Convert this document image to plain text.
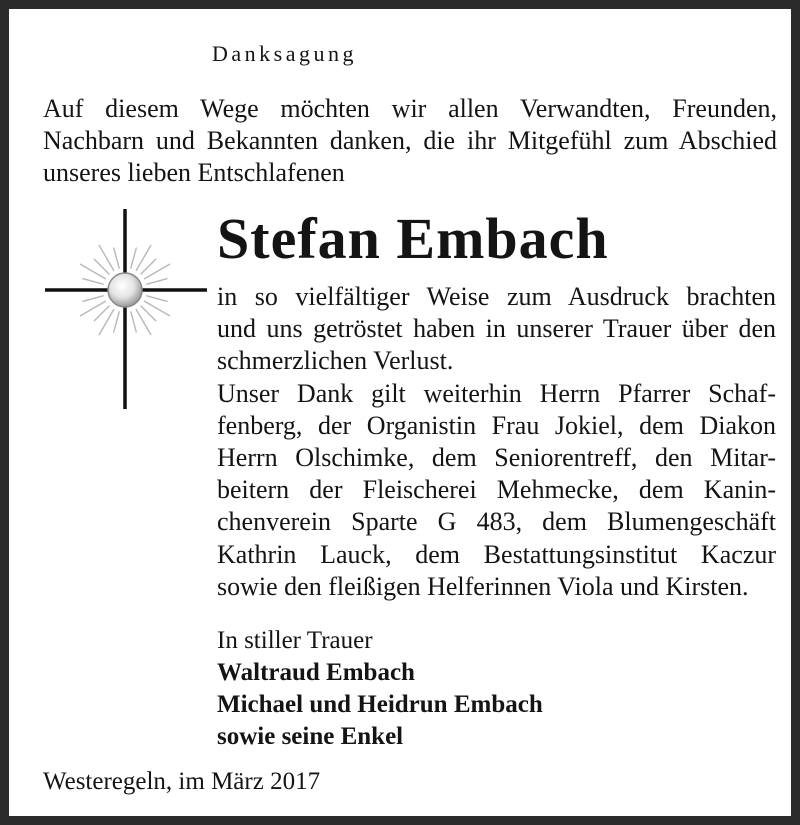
Danksagung
Auf diesem Wege möchten wir allen Verwandten, Freunden,
Nachbarn und Bekannten danken, die ihr Mitgefühl zum Abschied
unseres lieben Entschlafenen
Stefan Embach
in so vielfältiger Weise zum Ausdruck brachten
und uns getröstet haben in unserer Trauer über den
schmerzlichen Verlust.
Unser Dank gilt weiterhin Herrn Pfarrer Schaf-
fenberg, der Organistin Frau Jokiel, dem Diakon
Herrn Olschimke, dem Seniorentreff, den Mitar-
beitern der Fleischerei Mehmecke, dem Kanin-
chenverein Sparte G 483, dem Blumengeschäft
Kathrin Lauck, dem Bestattungsinstitut Kaczur
sowie den fleißigen Helferinnen Viola und Kirsten.
In stiller Trauer
Waltraud Embach
Michael und Heidrun Embach
sowie seine Enkel
Westeregeln, im März 2017
